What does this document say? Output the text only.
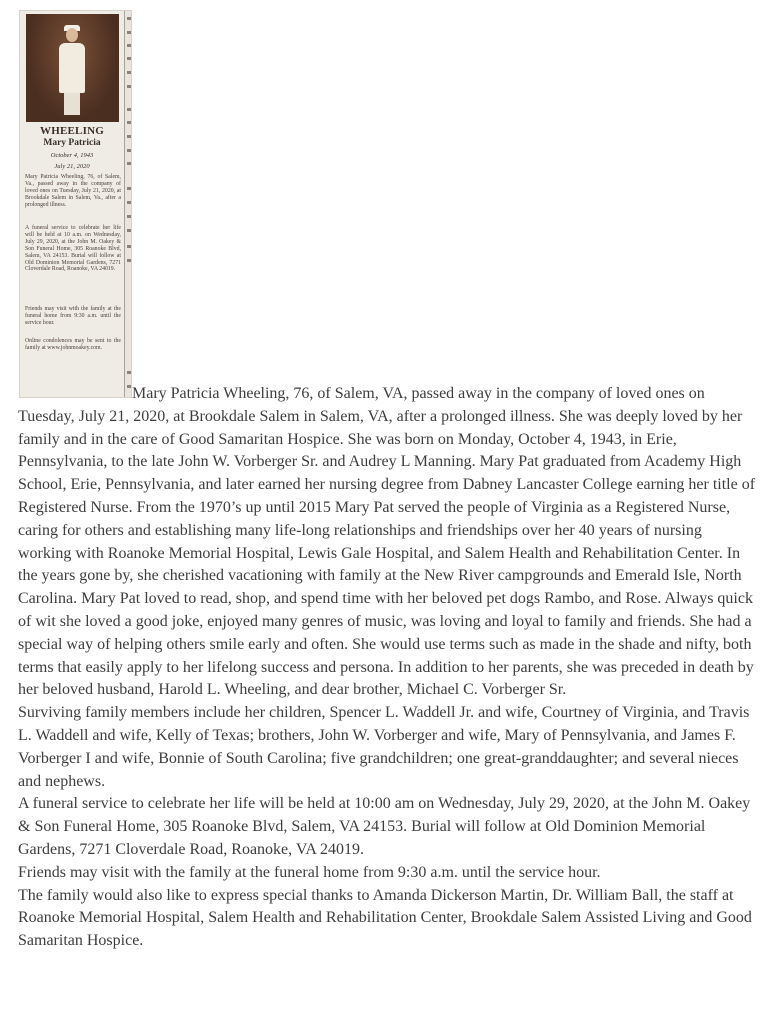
WHEELING
Mary Patricia
October 4, 1943
July 21, 2020
Mary Patricia Wheeling, 76, of Salem, Va., passed away in the company of loved ones on Tuesday, July 21, 2020, at Brookdale Salem in Salem, Va., after a prolonged illness.
A funeral service to celebrate her life will be held at 10 a.m. on Wednesday, July 29, 2020, at the John M. Oakey & Son Funeral Home, 305 Roanoke Blvd, Salem, VA 24153. Burial will follow at Old Dominion Memorial Gardens, 7271 Cloverdale Road, Roanoke, VA 24019.
Friends may visit with the family at the funeral home from 9:30 a.m. until the service hour.
Online condolences may be sent to the family at www.johnmoakey.com.

Mary Patricia Wheeling, 76, of Salem, VA, passed away in the company of loved ones on Tuesday, July 21, 2020, at Brookdale Salem in Salem, VA, after a prolonged illness. She was deeply loved by her family and in the care of Good Samaritan Hospice. She was born on Monday, October 4, 1943, in Erie, Pennsylvania, to the late John W. Vorberger Sr. and Audrey L Manning. Mary Pat graduated from Academy High School, Erie, Pennsylvania, and later earned her nursing degree from Dabney Lancaster College earning her title of Registered Nurse. From the 1970’s up until 2015 Mary Pat served the people of Virginia as a Registered Nurse, caring for others and establishing many life-long relationships and friendships over her 40 years of nursing working with Roanoke Memorial Hospital, Lewis Gale Hospital, and Salem Health and Rehabilitation Center. In the years gone by, she cherished vacationing with family at the New River campgrounds and Emerald Isle, North Carolina. Mary Pat loved to read, shop, and spend time with her beloved pet dogs Rambo, and Rose. Always quick of wit she loved a good joke, enjoyed many genres of music, was loving and loyal to family and friends. She had a special way of helping others smile early and often. She would use terms such as made in the shade and nifty, both terms that easily apply to her lifelong success and persona. In addition to her parents, she was preceded in death by her beloved husband, Harold L. Wheeling, and dear brother, Michael C. Vorberger Sr.

Surviving family members include her children, Spencer L. Waddell Jr. and wife, Courtney of Virginia, and Travis L. Waddell and wife, Kelly of Texas; brothers, John W. Vorberger and wife, Mary of Pennsylvania, and James F. Vorberger I and wife, Bonnie of South Carolina; five grandchildren; one great-granddaughter; and several nieces and nephews.

A funeral service to celebrate her life will be held at 10:00 am on Wednesday, July 29, 2020, at the John M. Oakey & Son Funeral Home, 305 Roanoke Blvd, Salem, VA 24153. Burial will follow at Old Dominion Memorial Gardens, 7271 Cloverdale Road, Roanoke, VA 24019.

Friends may visit with the family at the funeral home from 9:30 a.m. until the service hour.

The family would also like to express special thanks to Amanda Dickerson Martin, Dr. William Ball, the staff at Roanoke Memorial Hospital, Salem Health and Rehabilitation Center, Brookdale Salem Assisted Living and Good Samaritan Hospice.
